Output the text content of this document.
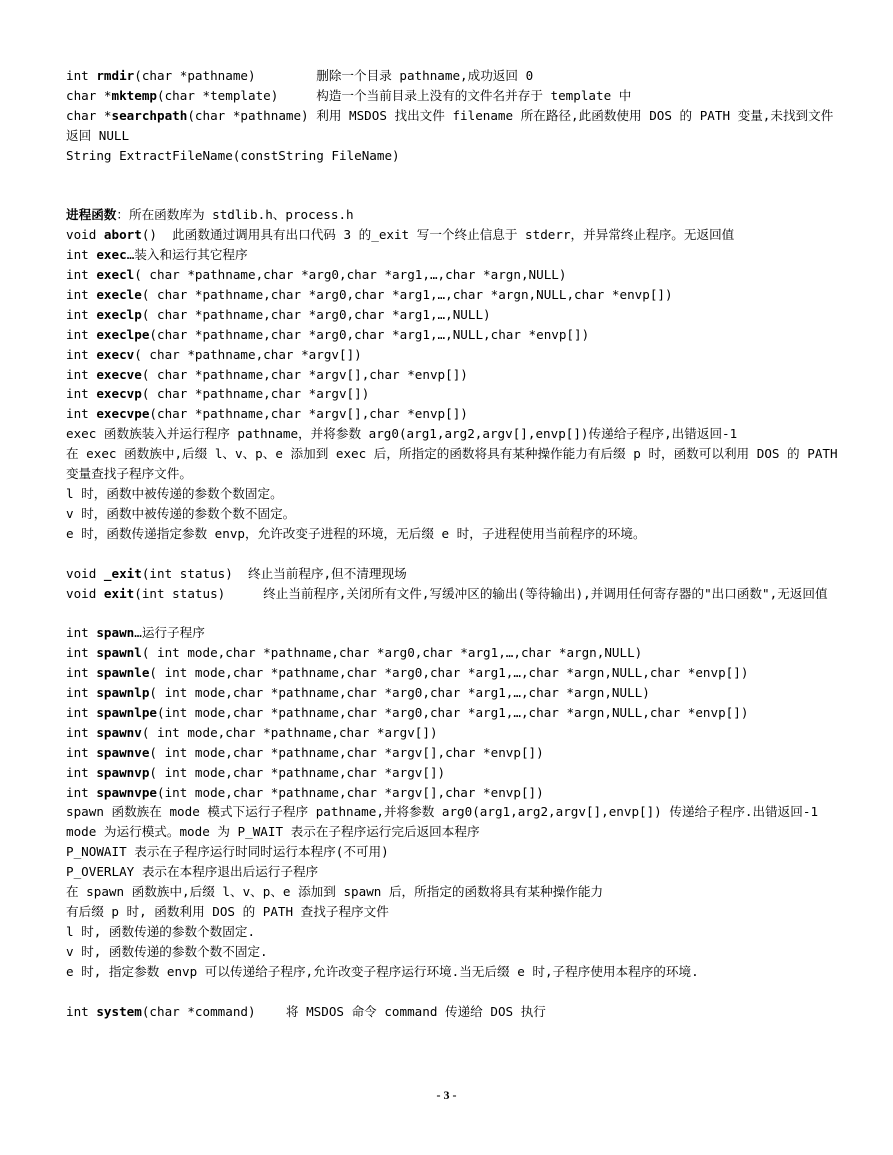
int rmdir(char *pathname)        删除一个目录 pathname,成功返回 0
char *mktemp(char *template)     构造一个当前目录上没有的文件名并存于 template 中
char *searchpath(char *pathname) 利用 MSDOS 找出文件 filename 所在路径,此函数使用 DOS 的 PATH 变量,未找到文件返回 NULL
String ExtractFileName(constString FileName)
进程函数：所在函数库为 stdlib.h、process.h
void abort()  此函数通过调用具有出口代码 3 的_exit 写一个终止信息于 stderr，并异常终止程序。无返回值
int exec…装入和运行其它程序
int execl( char *pathname,char *arg0,char *arg1,…,char *argn,NULL)
int execle( char *pathname,char *arg0,char *arg1,…,char *argn,NULL,char *envp[])
int execlp( char *pathname,char *arg0,char *arg1,…,NULL)
int execlpe(char *pathname,char *arg0,char *arg1,…,NULL,char *envp[])
int execv( char *pathname,char *argv[])
int execve( char *pathname,char *argv[],char *envp[])
int execvp( char *pathname,char *argv[])
int execvpe(char *pathname,char *argv[],char *envp[])
exec 函数族装入并运行程序 pathname，并将参数 arg0(arg1,arg2,argv[],envp[])传递给子程序,出错返回-1
在 exec 函数族中,后缀 l、v、p、e 添加到 exec 后，所指定的函数将具有某种操作能力有后缀 p 时，函数可以利用 DOS 的 PATH 变量查找子程序文件。
l 时，函数中被传递的参数个数固定。
v 时，函数中被传递的参数个数不固定。
e 时，函数传递指定参数 envp，允许改变子进程的环境，无后缀 e 时，子进程使用当前程序的环境。
void _exit(int status)  终止当前程序,但不清理现场
void exit(int status)     终止当前程序,关闭所有文件,写缓冲区的输出(等待输出),并调用任何寄存器的"出口函数",无返回值
int spawn…运行子程序
int spawnl( int mode,char *pathname,char *arg0,char *arg1,…,char *argn,NULL)
int spawnle( int mode,char *pathname,char *arg0,char *arg1,…,char *argn,NULL,char *envp[])
int spawnlp( int mode,char *pathname,char *arg0,char *arg1,…,char *argn,NULL)
int spawnlpe(int mode,char *pathname,char *arg0,char *arg1,…,char *argn,NULL,char *envp[])
int spawnv( int mode,char *pathname,char *argv[])
int spawnve( int mode,char *pathname,char *argv[],char *envp[])
int spawnvp( int mode,char *pathname,char *argv[])
int spawnvpe(int mode,char *pathname,char *argv[],char *envp[])
spawn 函数族在 mode 模式下运行子程序 pathname,并将参数 arg0(arg1,arg2,argv[],envp[]) 传递给子程序.出错返回-1
mode 为运行模式。mode 为 P_WAIT 表示在子程序运行完后返回本程序
P_NOWAIT 表示在子程序运行时同时运行本程序(不可用)
P_OVERLAY 表示在本程序退出后运行子程序
在 spawn 函数族中,后缀 l、v、p、e 添加到 spawn 后，所指定的函数将具有某种操作能力
有后缀 p 时, 函数利用 DOS 的 PATH 查找子程序文件
l 时, 函数传递的参数个数固定.
v 时, 函数传递的参数个数不固定.
e 时, 指定参数 envp 可以传递给子程序,允许改变子程序运行环境.当无后缀 e 时,子程序使用本程序的环境.
int system(char *command)    将 MSDOS 命令 command 传递给 DOS 执行
- 3 -
